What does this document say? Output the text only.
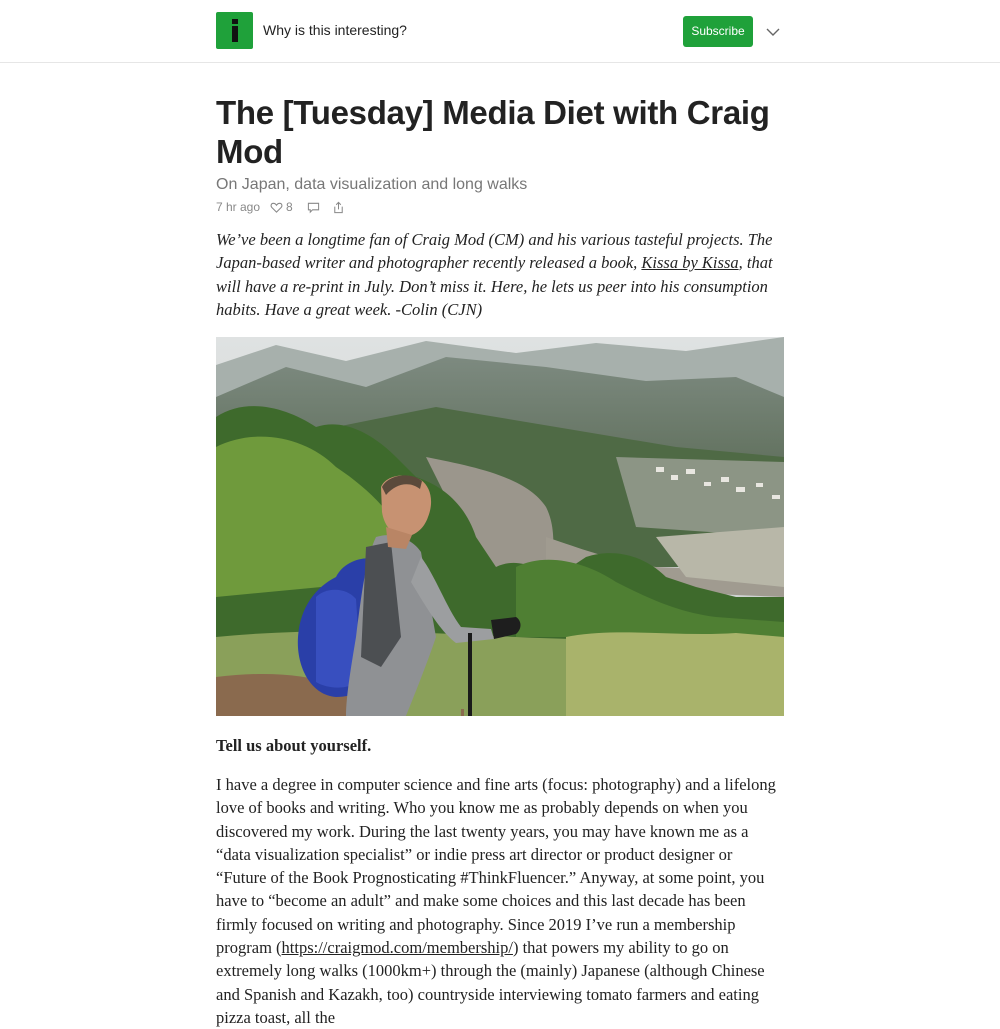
Why is this interesting?	Subscribe
The [Tuesday] Media Diet with Craig Mod
On Japan, data visualization and long walks
7 hr ago 8

We’ve been a longtime fan of Craig Mod (CM) and his various tasteful projects. The Japan-based writer and photographer recently released a book, Kissa by Kissa, that will have a re-print in July. Don’t miss it. Here, he lets us peer into his consumption habits. Have a great week. -Colin (CJN)

Tell us about yourself.

I have a degree in computer science and fine arts (focus: photography) and a lifelong love of books and writing. Who you know me as probably depends on when you discovered my work. During the last twenty years, you may have known me as a “data visualization specialist” or indie press art director or product designer or “Future of the Book Prognosticating #ThinkFluencer.” Anyway, at some point, you have to “become an adult” and make some choices and this last decade has been firmly focused on writing and photography. Since 2019 I’ve run a membership program (https://craigmod.com/membership/) that powers my ability to go on extremely long walks (1000km+) through the (mainly) Japanese (although Chinese and Spanish and Kazakh, too) countryside interviewing tomato farmers and eating pizza toast, all the
